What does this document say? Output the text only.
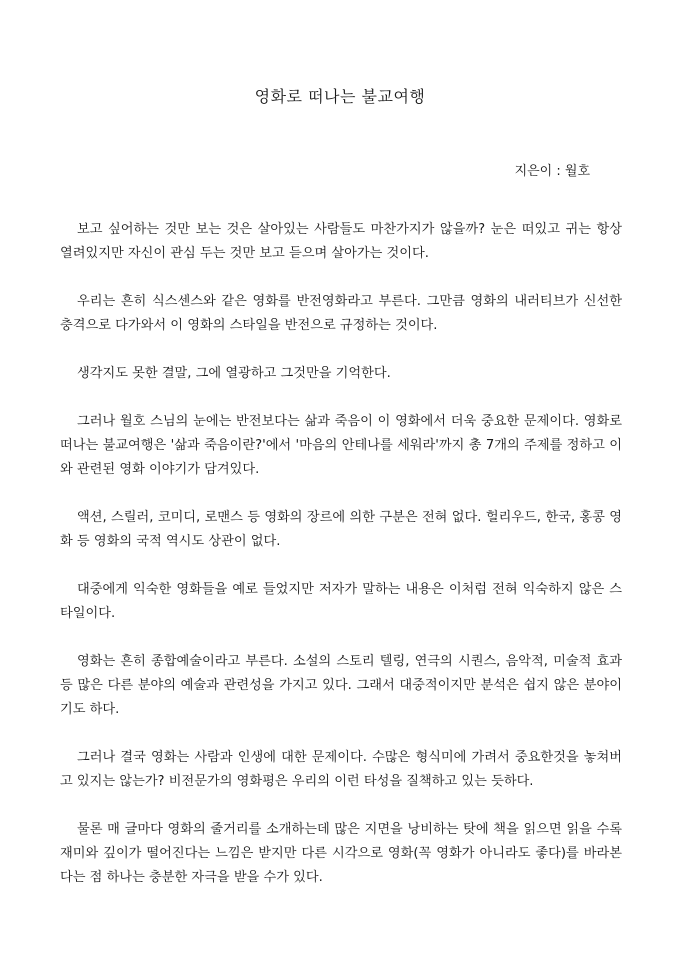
영화로 떠나는 불교여행
지은이 : 월호

보고 싶어하는 것만 보는 것은 살아있는 사람들도 마찬가지가 않을까? 눈은 떠있고 귀는 항상 열려있지만 자신이 관심 두는 것만 보고 듣으며 살아가는 것이다.

우리는 흔히 식스센스와 같은 영화를 반전영화라고 부른다. 그만큼 영화의 내러티브가 신선한 충격으로 다가와서 이 영화의 스타일을 반전으로 규정하는 것이다.

생각지도 못한 결말, 그에 열광하고 그것만을 기억한다.

그러나 월호 스님의 눈에는 반전보다는 삶과 죽음이 이 영화에서 더욱 중요한 문제이다. 영화로 떠나는 불교여행은 '삶과 죽음이란?'에서 '마음의 안테나를 세워라'까지 총 7개의 주제를 정하고 이와 관련된 영화 이야기가 담겨있다.

액션, 스릴러, 코미디, 로맨스 등 영화의 장르에 의한 구분은 전혀 없다. 헐리우드, 한국, 홍콩 영화 등 영화의 국적 역시도 상관이 없다.

대중에게 익숙한 영화들을 예로 들었지만 저자가 말하는 내용은 이처럼 전혀 익숙하지 않은 스타일이다.

영화는 흔히 종합예술이라고 부른다. 소설의 스토리 텔링, 연극의 시퀀스, 음악적, 미술적 효과 등 많은 다른 분야의 예술과 관련성을 가지고 있다. 그래서 대중적이지만 분석은 쉽지 않은 분야이기도 하다.

그러나 결국 영화는 사람과 인생에 대한 문제이다. 수많은 형식미에 가려서 중요한것을 놓쳐버고 있지는 않는가? 비전문가의 영화평은 우리의 이런 타성을 질책하고 있는 듯하다.

물론 매 글마다 영화의 줄거리를 소개하는데 많은 지면을 낭비하는 탓에 책을 읽으면 읽을 수록 재미와 깊이가 떨어진다는 느낌은 받지만 다른 시각으로 영화(꼭 영화가 아니라도 좋다)를 바라본다는 점 하나는 충분한 자극을 받을 수가 있다.
